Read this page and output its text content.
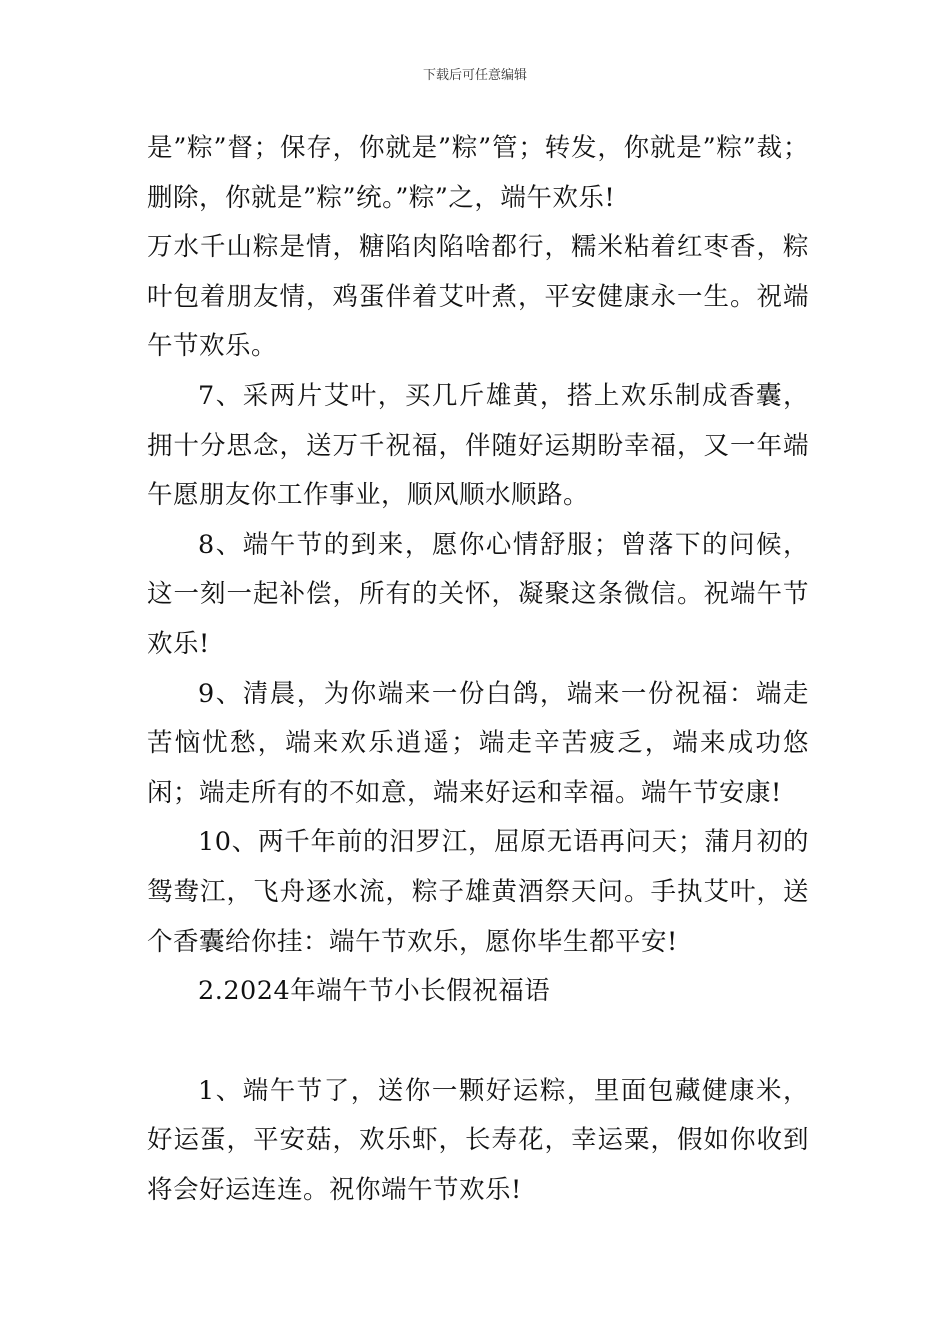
下载后可任意编辑

是”粽”督；保存，你就是”粽”管；转发，你就是”粽”裁；删除，你就是”粽”统。”粽”之，端午欢乐!

万水千山粽是情，糖陷肉陷啥都行，糯米粘着红枣香，粽叶包着朋友情，鸡蛋伴着艾叶煮，平安健康永一生。祝端午节欢乐。

7、采两片艾叶，买几斤雄黄，搭上欢乐制成香囊，拥十分思念，送万千祝福，伴随好运期盼幸福，又一年端午愿朋友你工作事业，顺风顺水顺路。

8、端午节的到来，愿你心情舒服；曾落下的问候，这一刻一起补偿，所有的关怀，凝聚这条微信。祝端午节欢乐!

9、清晨，为你端来一份白鸽，端来一份祝福：端走苦恼忧愁，端来欢乐逍遥；端走辛苦疲乏，端来成功悠闲；端走所有的不如意，端来好运和幸福。端午节安康!

10、两千年前的汨罗江，屈原无语再问天；蒲月初的鸳鸯江，飞舟逐水流，粽子雄黄酒祭天问。手执艾叶，送个香囊给你挂：端午节欢乐，愿你毕生都平安!

2.2024年端午节小长假祝福语

1、端午节了，送你一颗好运粽，里面包藏健康米，好运蛋，平安菇，欢乐虾，长寿花，幸运粟，假如你收到将会好运连连。祝你端午节欢乐!
